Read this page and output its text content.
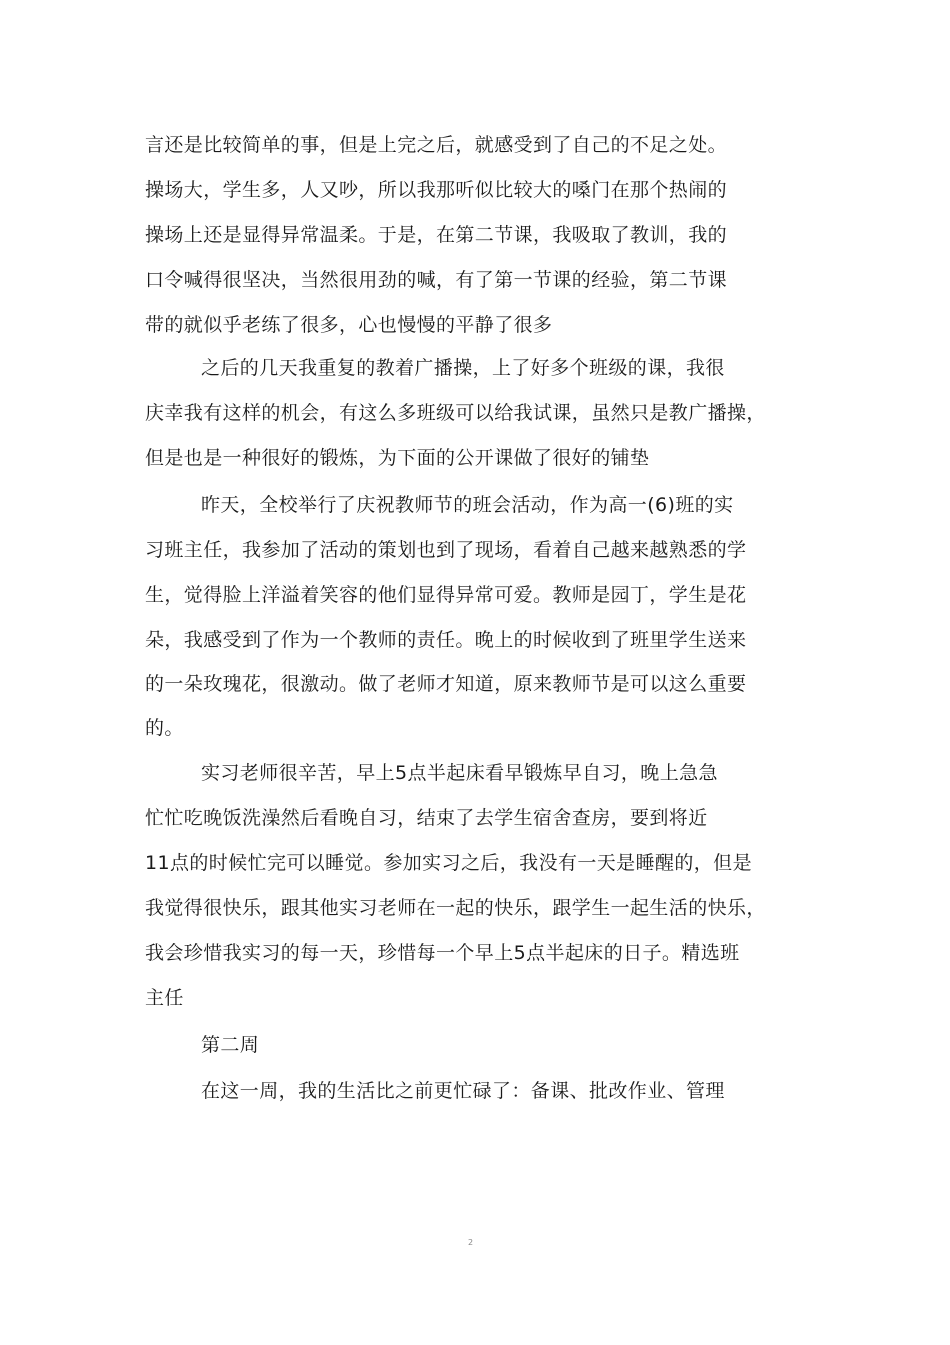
言还是比较简单的事，但是上完之后，就感受到了自己的不足之处。
操场大，学生多，人又吵，所以我那听似比较大的嗓门在那个热闹的
操场上还是显得异常温柔。于是，在第二节课，我吸取了教训，我的
口令喊得很坚决，当然很用劲的喊，有了第一节课的经验，第二节课
带的就似乎老练了很多，心也慢慢的平静了很多
之后的几天我重复的教着广播操，上了好多个班级的课，我很
庆幸我有这样的机会，有这么多班级可以给我试课，虽然只是教广播操，
但是也是一种很好的锻炼，为下面的公开课做了很好的铺垫
昨天，全校举行了庆祝教师节的班会活动，作为高一(6)班的实
习班主任，我参加了活动的策划也到了现场，看着自己越来越熟悉的学
生，觉得脸上洋溢着笑容的他们显得异常可爱。教师是园丁，学生是花
朵，我感受到了作为一个教师的责任。晚上的时候收到了班里学生送来
的一朵玫瑰花，很激动。做了老师才知道，原来教师节是可以这么重要
的。
实习老师很辛苦，早上5点半起床看早锻炼早自习，晚上急急
忙忙吃晚饭洗澡然后看晚自习，结束了去学生宿舍查房，要到将近
11点的时候忙完可以睡觉。参加实习之后，我没有一天是睡醒的，但是
我觉得很快乐，跟其他实习老师在一起的快乐，跟学生一起生活的快乐，
我会珍惜我实习的每一天，珍惜每一个早上5点半起床的日子。精选班
主任
第二周
在这一周，我的生活比之前更忙碌了：备课、批改作业、管理
2
